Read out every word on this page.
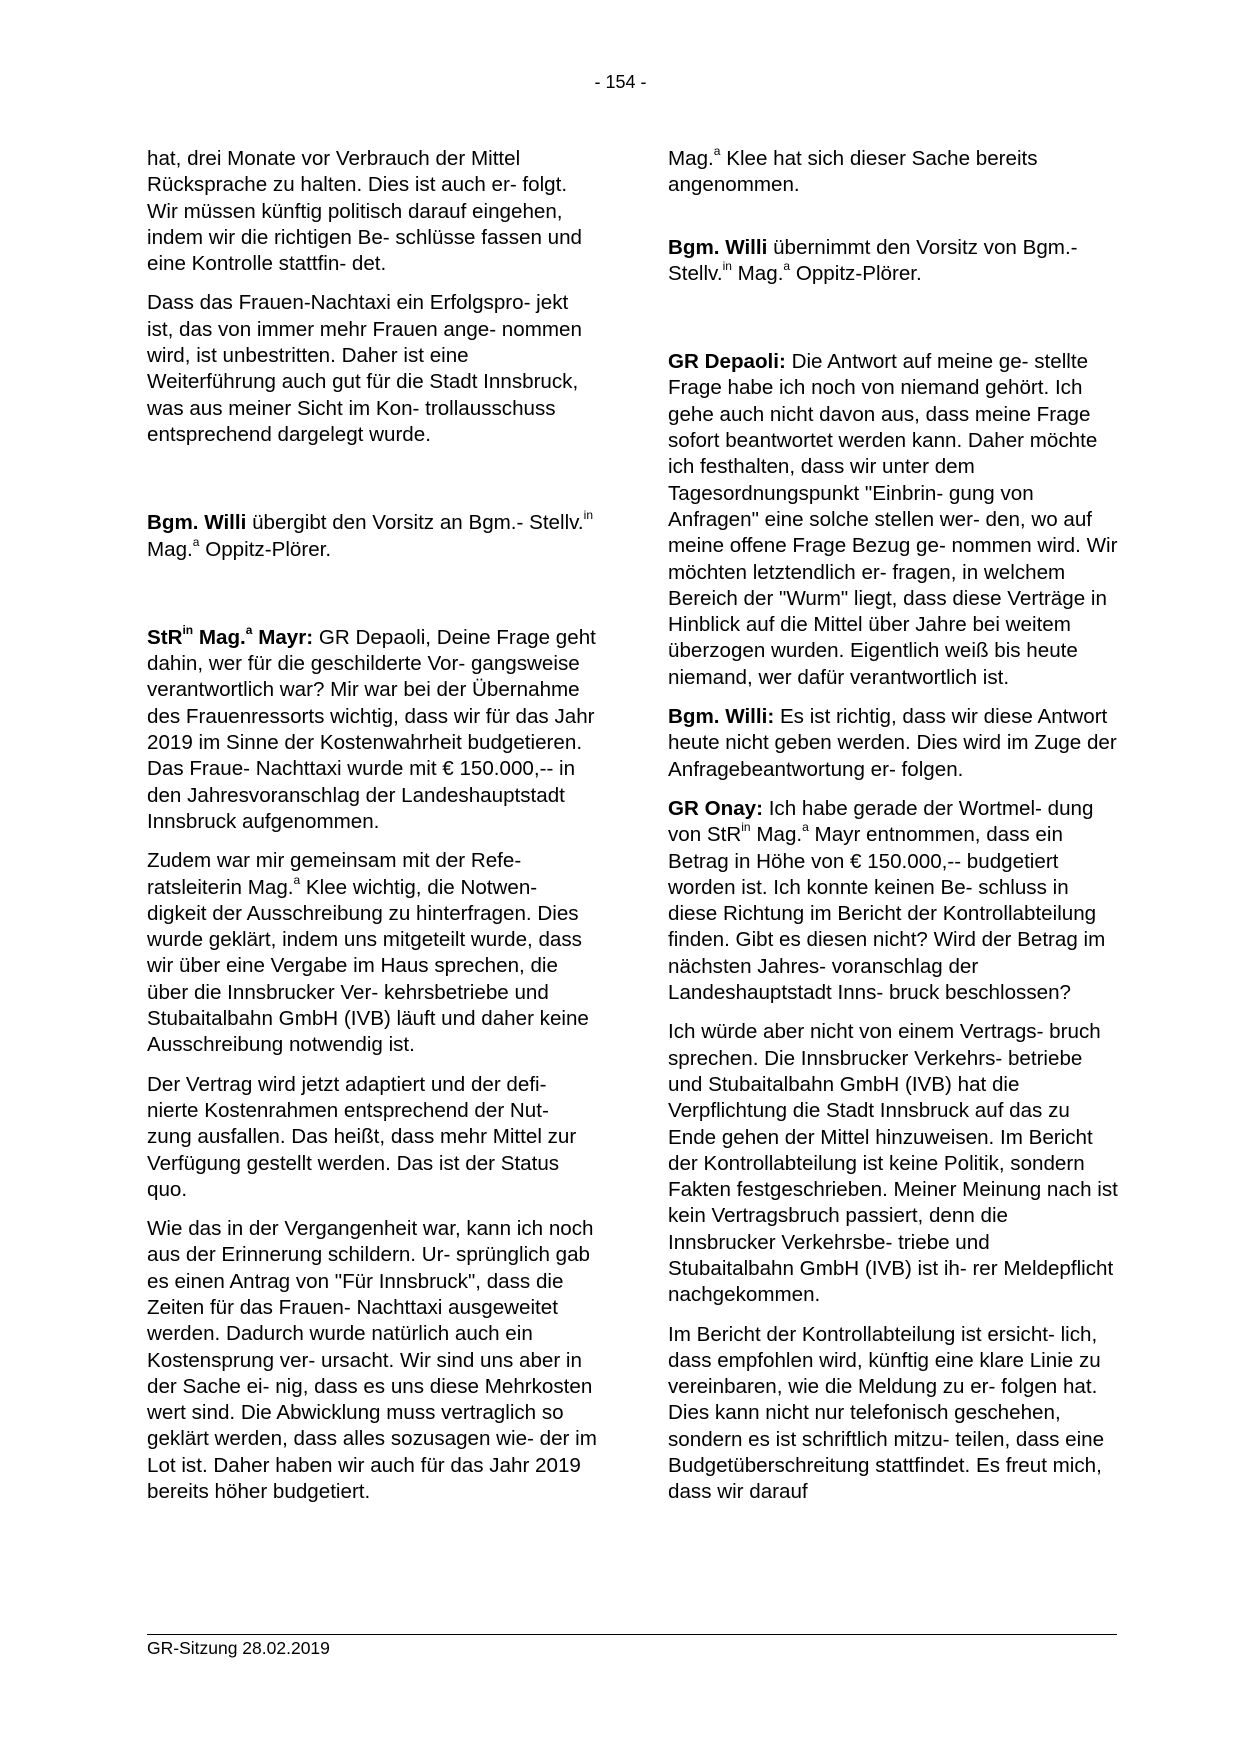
- 154 -

hat, drei Monate vor Verbrauch der Mittel Rücksprache zu halten. Dies ist auch er- folgt. Wir müssen künftig politisch darauf eingehen, indem wir die richtigen Be- schlüsse fassen und eine Kontrolle stattfin- det.

Dass das Frauen-Nachtaxi ein Erfolgspro- jekt ist, das von immer mehr Frauen ange- nommen wird, ist unbestritten. Daher ist eine Weiterführung auch gut für die Stadt Innsbruck, was aus meiner Sicht im Kon- trollausschuss entsprechend dargelegt wurde.

Bgm. Willi übergibt den Vorsitz an Bgm.- Stellv.$^{in}$ Mag.$^a$ Oppitz-Plörer.

StR$^{in}$ Mag.$^a$ Mayr: GR Depaoli, Deine Frage geht dahin, wer für die geschilderte Vor- gangsweise verantwortlich war? Mir war bei der Übernahme des Frauenressorts wichtig, dass wir für das Jahr 2019 im Sinne der Kostenwahrheit budgetieren. Das Fraue- Nachttaxi wurde mit € 150.000,-- in den Jahresvoranschlag der Landeshauptstadt Innsbruck aufgenommen.

Zudem war mir gemeinsam mit der Refe- ratsleiterin Mag.$^a$ Klee wichtig, die Notwen- digkeit der Ausschreibung zu hinterfragen. Dies wurde geklärt, indem uns mitgeteilt wurde, dass wir über eine Vergabe im Haus sprechen, die über die Innsbrucker Ver- kehrsbetriebe und Stubaitalbahn GmbH (IVB) läuft und daher keine Ausschreibung notwendig ist.

Der Vertrag wird jetzt adaptiert und der defi- nierte Kostenrahmen entsprechend der Nut- zung ausfallen. Das heißt, dass mehr Mittel zur Verfügung gestellt werden. Das ist der Status quo.

Wie das in der Vergangenheit war, kann ich noch aus der Erinnerung schildern. Ur- sprünglich gab es einen Antrag von "Für Innsbruck", dass die Zeiten für das Frauen- Nachttaxi ausgeweitet werden. Dadurch wurde natürlich auch ein Kostensprung ver- ursacht. Wir sind uns aber in der Sache ei- nig, dass es uns diese Mehrkosten wert sind. Die Abwicklung muss vertraglich so geklärt werden, dass alles sozusagen wie- der im Lot ist. Daher haben wir auch für das Jahr 2019 bereits höher budgetiert.

Mag.$^a$ Klee hat sich dieser Sache bereits angenommen.

Bgm. Willi übernimmt den Vorsitz von Bgm.-Stellv.$^{in}$ Mag.$^a$ Oppitz-Plörer.

GR Depaoli: Die Antwort auf meine ge- stellte Frage habe ich noch von niemand gehört. Ich gehe auch nicht davon aus, dass meine Frage sofort beantwortet werden kann. Daher möchte ich festhalten, dass wir unter dem Tagesordnungspunkt "Einbrin- gung von Anfragen" eine solche stellen wer- den, wo auf meine offene Frage Bezug ge- nommen wird. Wir möchten letztendlich er- fragen, in welchem Bereich der "Wurm" liegt, dass diese Verträge in Hinblick auf die Mittel über Jahre bei weitem überzogen wurden. Eigentlich weiß bis heute niemand, wer dafür verantwortlich ist.

Bgm. Willi: Es ist richtig, dass wir diese Antwort heute nicht geben werden. Dies wird im Zuge der Anfragebeantwortung er- folgen.

GR Onay: Ich habe gerade der Wortmel- dung von StR$^{in}$ Mag.$^a$ Mayr entnommen, dass ein Betrag in Höhe von € 150.000,-- budgetiert worden ist. Ich konnte keinen Be- schluss in diese Richtung im Bericht der Kontrollabteilung finden. Gibt es diesen nicht? Wird der Betrag im nächsten Jahres- voranschlag der Landeshauptstadt Inns- bruck beschlossen?

Ich würde aber nicht von einem Vertrags- bruch sprechen. Die Innsbrucker Verkehrs- betriebe und Stubaitalbahn GmbH (IVB) hat die Verpflichtung die Stadt Innsbruck auf das zu Ende gehen der Mittel hinzuweisen. Im Bericht der Kontrollabteilung ist keine Politik, sondern Fakten festgeschrieben. Meiner Meinung nach ist kein Vertragsbruch passiert, denn die Innsbrucker Verkehrsbe- triebe und Stubaitalbahn GmbH (IVB) ist ih- rer Meldepflicht nachgekommen.

Im Bericht der Kontrollabteilung ist ersicht- lich, dass empfohlen wird, künftig eine klare Linie zu vereinbaren, wie die Meldung zu er- folgen hat. Dies kann nicht nur telefonisch geschehen, sondern es ist schriftlich mitzu- teilen, dass eine Budgetüberschreitung stattfindet. Es freut mich, dass wir darauf

GR-Sitzung 28.02.2019
